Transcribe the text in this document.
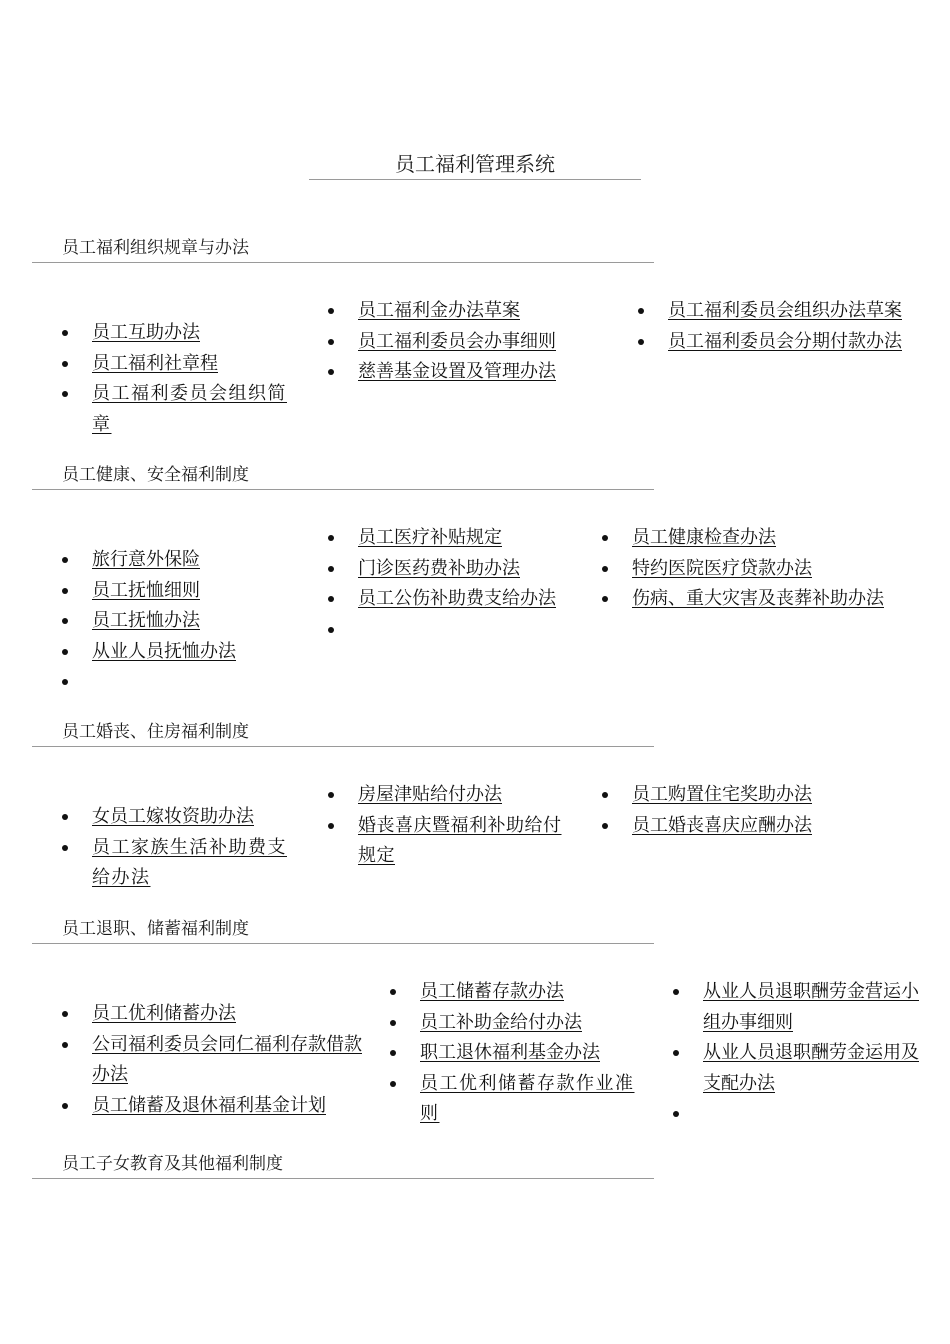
员工福利管理系统
员工福利组织规章与办法
员工互助办法
员工福利社章程
员工福利委员会组织简章
员工福利金办法草案
员工福利委员会办事细则
慈善基金设置及管理办法
员工福利委员会组织办法草案
员工福利委员会分期付款办法
员工健康、安全福利制度
旅行意外保险
员工抚恤细则
员工抚恤办法
从业人员抚恤办法
员工医疗补贴规定
门诊医药费补助办法
员工公伤补助费支给办法
员工健康检查办法
特约医院医疗贷款办法
伤病、重大灾害及丧葬补助办法
员工婚丧、住房福利制度
女员工嫁妆资助办法
员工家族生活补助费支给办法
房屋津贴给付办法
婚丧喜庆暨福利补助给付规定
员工购置住宅奖助办法
员工婚丧喜庆应酬办法
员工退职、储蓄福利制度
员工优利储蓄办法
公司福利委员会同仁福利存款借款办法
员工储蓄及退休福利基金计划
员工储蓄存款办法
员工补助金给付办法
职工退休福利基金办法
员工优利储蓄存款作业准则
从业人员退职酬劳金营运小组办事细则
从业人员退职酬劳金运用及支配办法
员工子女教育及其他福利制度
